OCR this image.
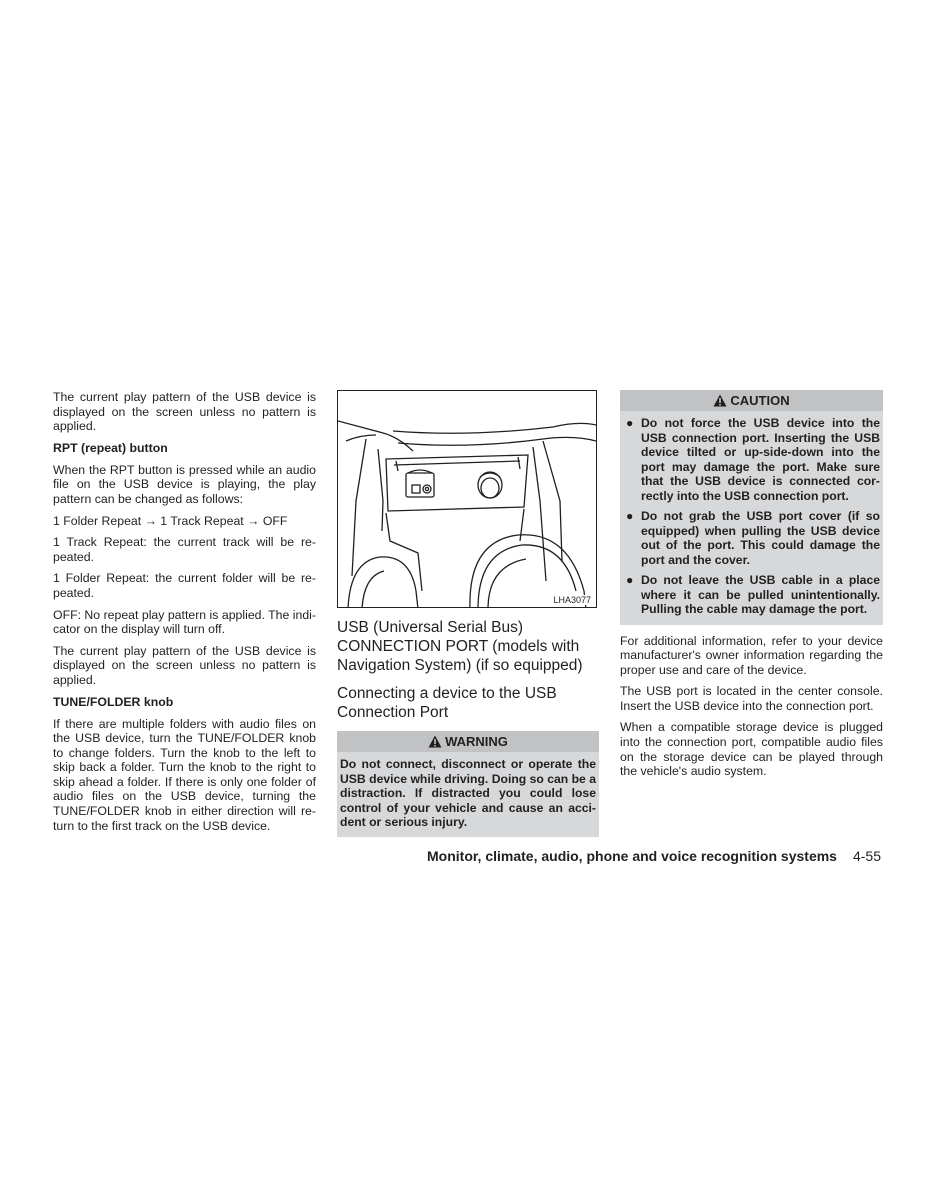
The current play pattern of the USB device is displayed on the screen unless no pattern is applied.

RPT (repeat) button

When the RPT button is pressed while an audio file on the USB device is playing, the play pattern can be changed as follows:

1 Folder Repeat → 1 Track Repeat → OFF

1 Track Repeat: the current track will be re-peated.

1 Folder Repeat: the current folder will be re-peated.

OFF: No repeat play pattern is applied. The indi-cator on the display will turn off.

The current play pattern of the USB device is displayed on the screen unless no pattern is applied.

TUNE/FOLDER knob

If there are multiple folders with audio files on the USB device, turn the TUNE/FOLDER knob to change folders. Turn the knob to the left to skip back a folder. Turn the knob to the right to skip ahead a folder. If there is only one folder of audio files on the USB device, turning the TUNE/FOLDER knob in either direction will re-turn to the first track on the USB device.

LHA3077
USB (Universal Serial Bus) CONNECTION PORT (models with Navigation System) (if so equipped)
Connecting a device to the USB Connection Port
WARNING

Do not connect, disconnect or operate the USB device while driving. Doing so can be a distraction. If distracted you could lose control of your vehicle and cause an acci-dent or serious injury.

CAUTION
● Do not force the USB device into the USB connection port. Inserting the USB device tilted or up-side-down into the port may damage the port. Make sure that the USB device is connected cor-rectly into the USB connection port.
● Do not grab the USB port cover (if so equipped) when pulling the USB device out of the port. This could damage the port and the cover.
● Do not leave the USB cable in a place where it can be pulled unintentionally. Pulling the cable may damage the port.

For additional information, refer to your device manufacturer's owner information regarding the proper use and care of the device.

The USB port is located in the center console. Insert the USB device into the connection port.

When a compatible storage device is plugged into the connection port, compatible audio files on the storage device can be played through the vehicle's audio system.

Monitor, climate, audio, phone and voice recognition systems 4-55
